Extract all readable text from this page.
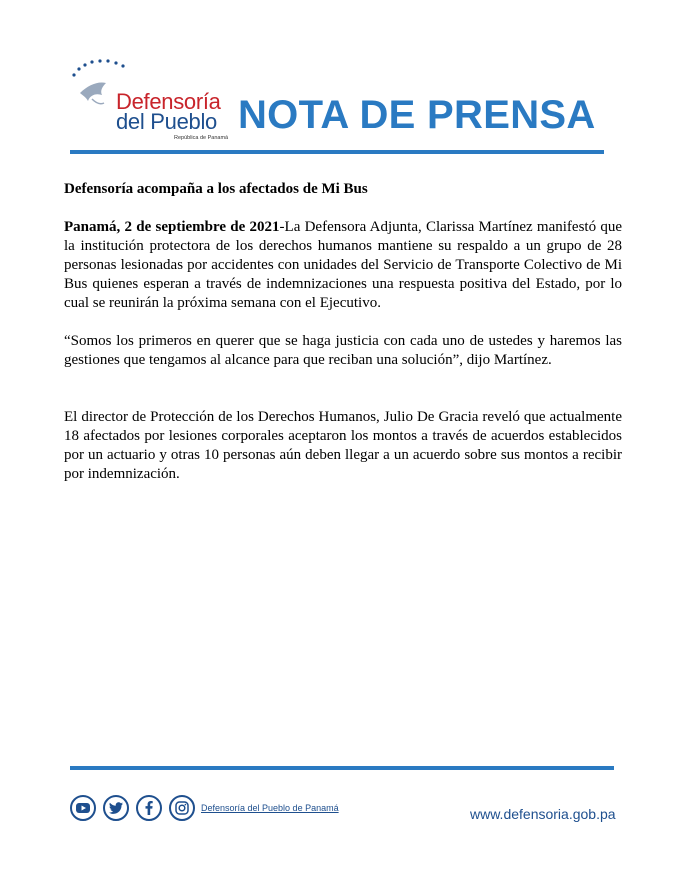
Defensoría
del Pueblo
República de Panamá
NOTA DE PRENSA

Defensoría acompaña a los afectados de Mi Bus

Panamá, 2 de septiembre de 2021-La Defensora Adjunta, Clarissa Martínez manifestó que la institución protectora de los derechos humanos mantiene su respaldo a un grupo de 28 personas lesionadas por accidentes con unidades del Servicio de Transporte Colectivo de Mi Bus quienes esperan a través de indemnizaciones una respuesta positiva del Estado, por lo cual se reunirán la próxima semana con el Ejecutivo.

“Somos los primeros en querer que se haga justicia con cada uno de ustedes y haremos las gestiones que tengamos al alcance para que reciban una solución”, dijo Martínez.

El director de Protección de los Derechos Humanos, Julio De Gracia reveló que actualmente 18 afectados por lesiones corporales aceptaron los montos a través de acuerdos establecidos por un actuario y otras 10 personas aún deben llegar a un acuerdo sobre sus montos a recibir por indemnización.

Defensoría del Pueblo de Panamá	www.defensoria.gob.pa
